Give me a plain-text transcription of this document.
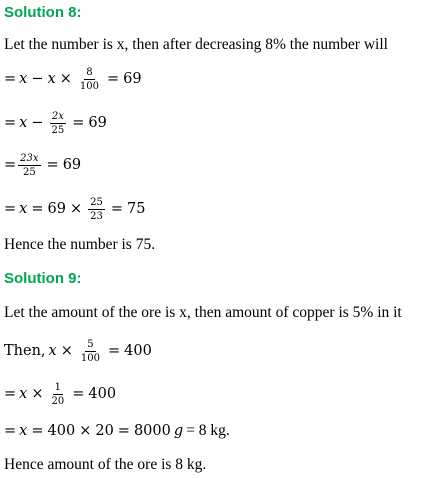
Solution 8:
Let the number is x, then after decreasing 8% the number will
= $x - x \times \frac{8}{100} = 69$
= $x - \frac{2x}{25} = 69$
= $\frac{23x}{25} = 69$
= $x = 69 \times \frac{25}{23} = 75$
Hence the number is 75.
Solution 9:
Let the amount of the ore is x, then amount of copper is 5% in it
Then, $x \times \frac{5}{100} = 400$
= $x \times \frac{1}{20} = 400$
= x = 400 × 20 = 8000 g = 8 kg.
Hence amount of the ore is 8 kg.
